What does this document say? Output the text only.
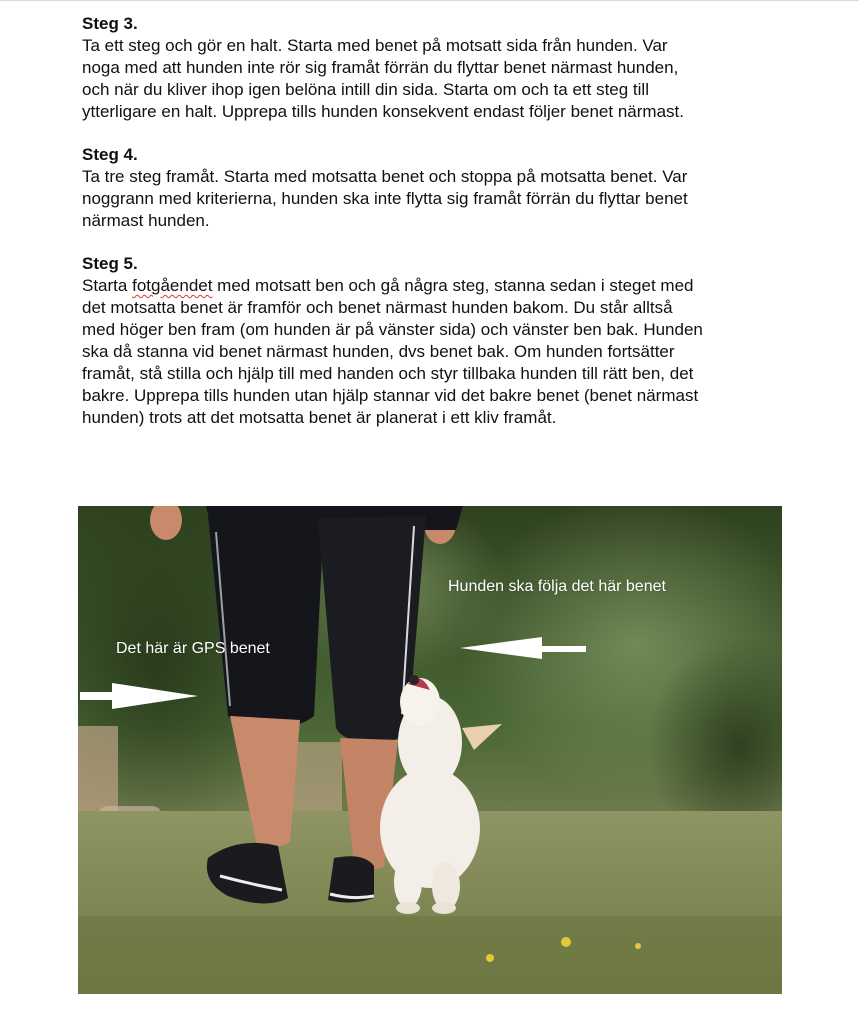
Steg 3.

Ta ett steg och gör en halt. Starta med benet på motsatt sida från hunden. Var
noga med att hunden inte rör sig framåt förrän du flyttar benet närmast hunden,
och när du kliver ihop igen belöna intill din sida. Starta om och ta ett steg till
ytterligare en halt. Upprepa tills hunden konsekvent endast följer benet närmast.

Steg 4.

Ta tre steg framåt. Starta med motsatta benet och stoppa på motsatta benet. Var
noggrann med kriterierna, hunden ska inte flytta sig framåt förrän du flyttar benet
närmast hunden.

Steg 5.

Starta fotgåendet med motsatt ben och gå några steg, stanna sedan i steget med
det motsatta benet är framför och benet närmast hunden bakom. Du står alltså
med höger ben fram (om hunden är på vänster sida) och vänster ben bak. Hunden
ska då stanna vid benet närmast hunden, dvs benet bak. Om hunden fortsätter
framåt, stå stilla och hjälp till med handen och styr tillbaka hunden till rätt ben, det
bakre. Upprepa tills hunden utan hjälp stannar vid det bakre benet (benet närmast
hunden) trots att det motsatta benet är planerat i ett kliv framåt.

Hunden ska följa det här benet
Det här är GPS benet
